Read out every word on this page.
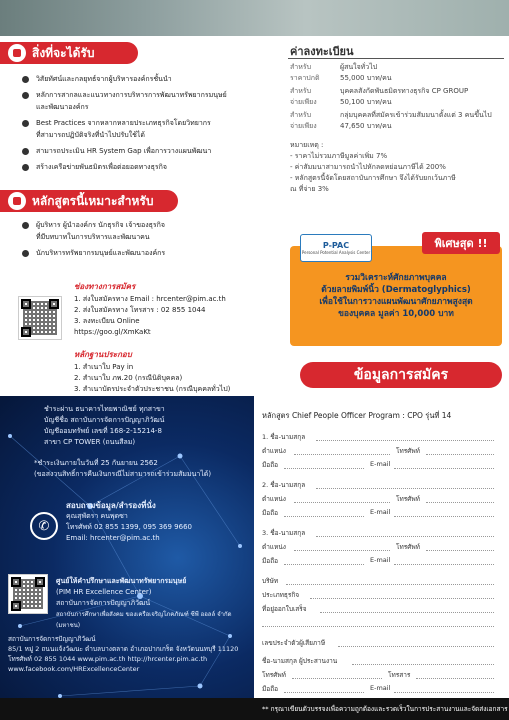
สิ่งที่จะได้รับ
วิสัยทัศน์และกลยุทธ์จากผู้บริหารองค์กรชั้นนำ
หลักการสากลและแนวทางการบริหารการพัฒนาทรัพยากรมนุษย์
และพัฒนาองค์กร
Best Practices จากหลากหลายประเภทธุรกิจโดยวิทยากร
ที่สามารถปฏิบัติจริงที่นำไปปรับใช้ได้
สามารถประเมิน HR System Gap เพื่อการวางแผนพัฒนา
สร้างเครือข่ายพันธมิตรเพื่อต่อยอดทางธุรกิจ
หลักสูตรนี้เหมาะสำหรับ
ผู้บริหาร ผู้นำองค์กร นักธุรกิจ เจ้าของธุรกิจ
ที่มีบทบาทในการบริหารและพัฒนาคน
นักบริหารทรัพยากรมนุษย์และพัฒนาองค์กร
ช่องทางการสมัคร
1. ส่งใบสมัครทาง Email : hrcenter@pim.ac.th
2. ส่งใบสมัครทาง โทรสาร : 02 855 1044
3. ลงทะเบียน Online
https://goo.gl/XmKaKt
หลักฐานประกอบ
1. สำเนาใบ Pay in
2. สำเนาใบ ภพ.20 (กรณีนิติบุคคล)
3. สำเนาบัตรประจำตัวประชาชน (กรณีบุคคลทั่วไป)
ค่าลงทะเบียน
สำหรับ	ผู้สนใจทั่วไป
ราคาปกติ	55,000 บาท/คน
สำหรับ	บุคคลสังกัดพันธมิตรทางธุรกิจ CP GROUP
จ่ายเพียง	50,100 บาท/คน
สำหรับ	กลุ่มบุคคลที่สมัครเข้าร่วมสัมมนาตั้งแต่ 3 คนขึ้นไป
จ่ายเพียง	47,650 บาท/คน
หมายเหตุ :
- ราคาไม่รวมภาษีมูลค่าเพิ่ม 7%
- ค่าสัมมนาสามารถนำไปหักลดหย่อนภาษีได้ 200%
- หลักสูตรนี้จัดโดยสถาบันการศึกษา จึงได้รับยกเว้นภาษี
ณ ที่จ่าย 3%
P-PAC
Personal Potential Analysis Center
พิเศษสุด !!
รวมวิเคราะห์ศักยภาพบุคคล
ด้วยลายพิมพ์นิ้ว (Dermatoglyphics)
เพื่อใช้ในการวางแผนพัฒนาศักยภาพสูงสุด
ของบุคคล มูลค่า 10,000 บาท
ข้อมูลการสมัคร
ชำระผ่าน ธนาคารไทยพาณิชย์ ทุกสาขา
บัญชีชื่อ สถาบันการจัดการปัญญาภิวัฒน์
บัญชีออมทรัพย์ เลขที่ 168-2-15214-8
สาขา CP TOWER (ถนนสีลม)
*ชำระเงินภายในวันที่ 25 กันยายน 2562
(ขอสงวนสิทธิ์การคืนเงินกรณีไม่สามารถเข้าร่วมสัมมนาได้)
✆
สอบถามข้อมูล/สำรองที่นั่ง
คุณสุพัตรา คนพุดซา
โทรศัพท์ 02 855 1399, 095 369 9660
Email: hrcenter@pim.ac.th
ศูนย์ให้คำปรึกษาและพัฒนาทรัพยากรมนุษย์
(PIM HR Excellence Center)
สถาบันการจัดการปัญญาภิวัฒน์
สถาบันการศึกษาเพื่อสังคม ของเครือเจริญโภคภัณฑ์ ซีพี ออลล์ จำกัด (มหาชน)
สถาบันการจัดการปัญญาภิวัฒน์
85/1 หมู่ 2 ถนนแจ้งวัฒนะ ตำบลบางตลาด อำเภอปากเกร็ด จังหวัดนนทบุรี 11120
โทรศัพท์ 02 855 1044 www.pim.ac.th http://hrcenter.pim.ac.th
www.facebook.com/HRExcellenceCenter
หลักสูตร Chief People Officer Program : CPO รุ่นที่ 14
1. ชื่อ-นามสกุล
ตำแหน่ง	โทรศัพท์
มือถือ	E-mail
2. ชื่อ-นามสกุล
ตำแหน่ง	โทรศัพท์
มือถือ	E-mail
3. ชื่อ-นามสกุล
ตำแหน่ง	โทรศัพท์
มือถือ	E-mail
บริษัท
ประเภทธุรกิจ
ที่อยู่ออกใบเสร็จ
เลขประจำตัวผู้เสียภาษี
ชื่อ-นามสกุล ผู้ประสานงาน
โทรศัพท์	โทรสาร
มือถือ	E-mail
** กรุณาเขียนตัวบรรจงเพื่อความถูกต้องและรวดเร็วในการประสานงานและจัดส่งเอกสาร
